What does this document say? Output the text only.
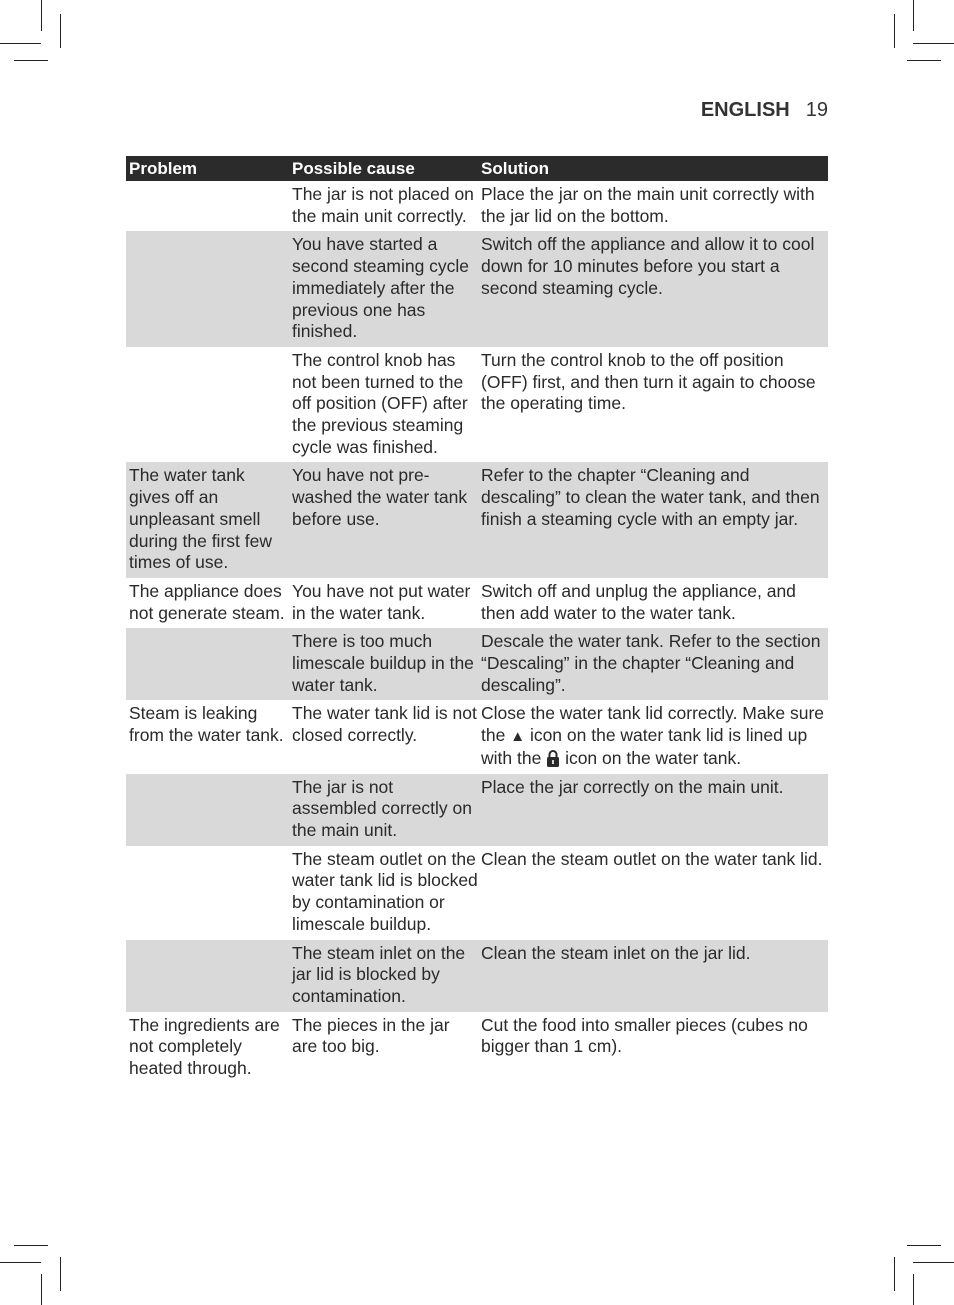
ENGLISH 19
Problem	Possible cause	Solution
The jar is not placed on the main unit correctly.
Place the jar on the main unit correctly with the jar lid on the bottom.
You have started a second steaming cycle immediately after the previous one has finished.
Switch off the appliance and allow it to cool down for 10 minutes before you start a second steaming cycle.
The control knob has not been turned to the off position (OFF) after the previous steaming cycle was finished.
Turn the control knob to the off position (OFF) first, and then turn it again to choose the operating time.
The water tank gives off an unpleasant smell during the first few times of use.
You have not pre-washed the water tank before use.
Refer to the chapter “Cleaning and descaling” to clean the water tank, and then finish a steaming cycle with an empty jar.
The appliance does not generate steam.
You have not put water in the water tank.
Switch off and unplug the appliance, and then add water to the water tank.
There is too much limescale buildup in the water tank.
Descale the water tank. Refer to the section “Descaling” in the chapter “Cleaning and descaling”.
Steam is leaking from the water tank.
The water tank lid is not closed correctly.
Close the water tank lid correctly. Make sure the ▲ icon on the water tank lid is lined up with the icon on the water tank.
The jar is not assembled correctly on the main unit.
Place the jar correctly on the main unit.
The steam outlet on the water tank lid is blocked by contamination or limescale buildup.
Clean the steam outlet on the water tank lid.
The steam inlet on the jar lid is blocked by contamination.
Clean the steam inlet on the jar lid.
The ingredients are not completely heated through.
The pieces in the jar are too big.
Cut the food into smaller pieces (cubes no bigger than 1 cm).
